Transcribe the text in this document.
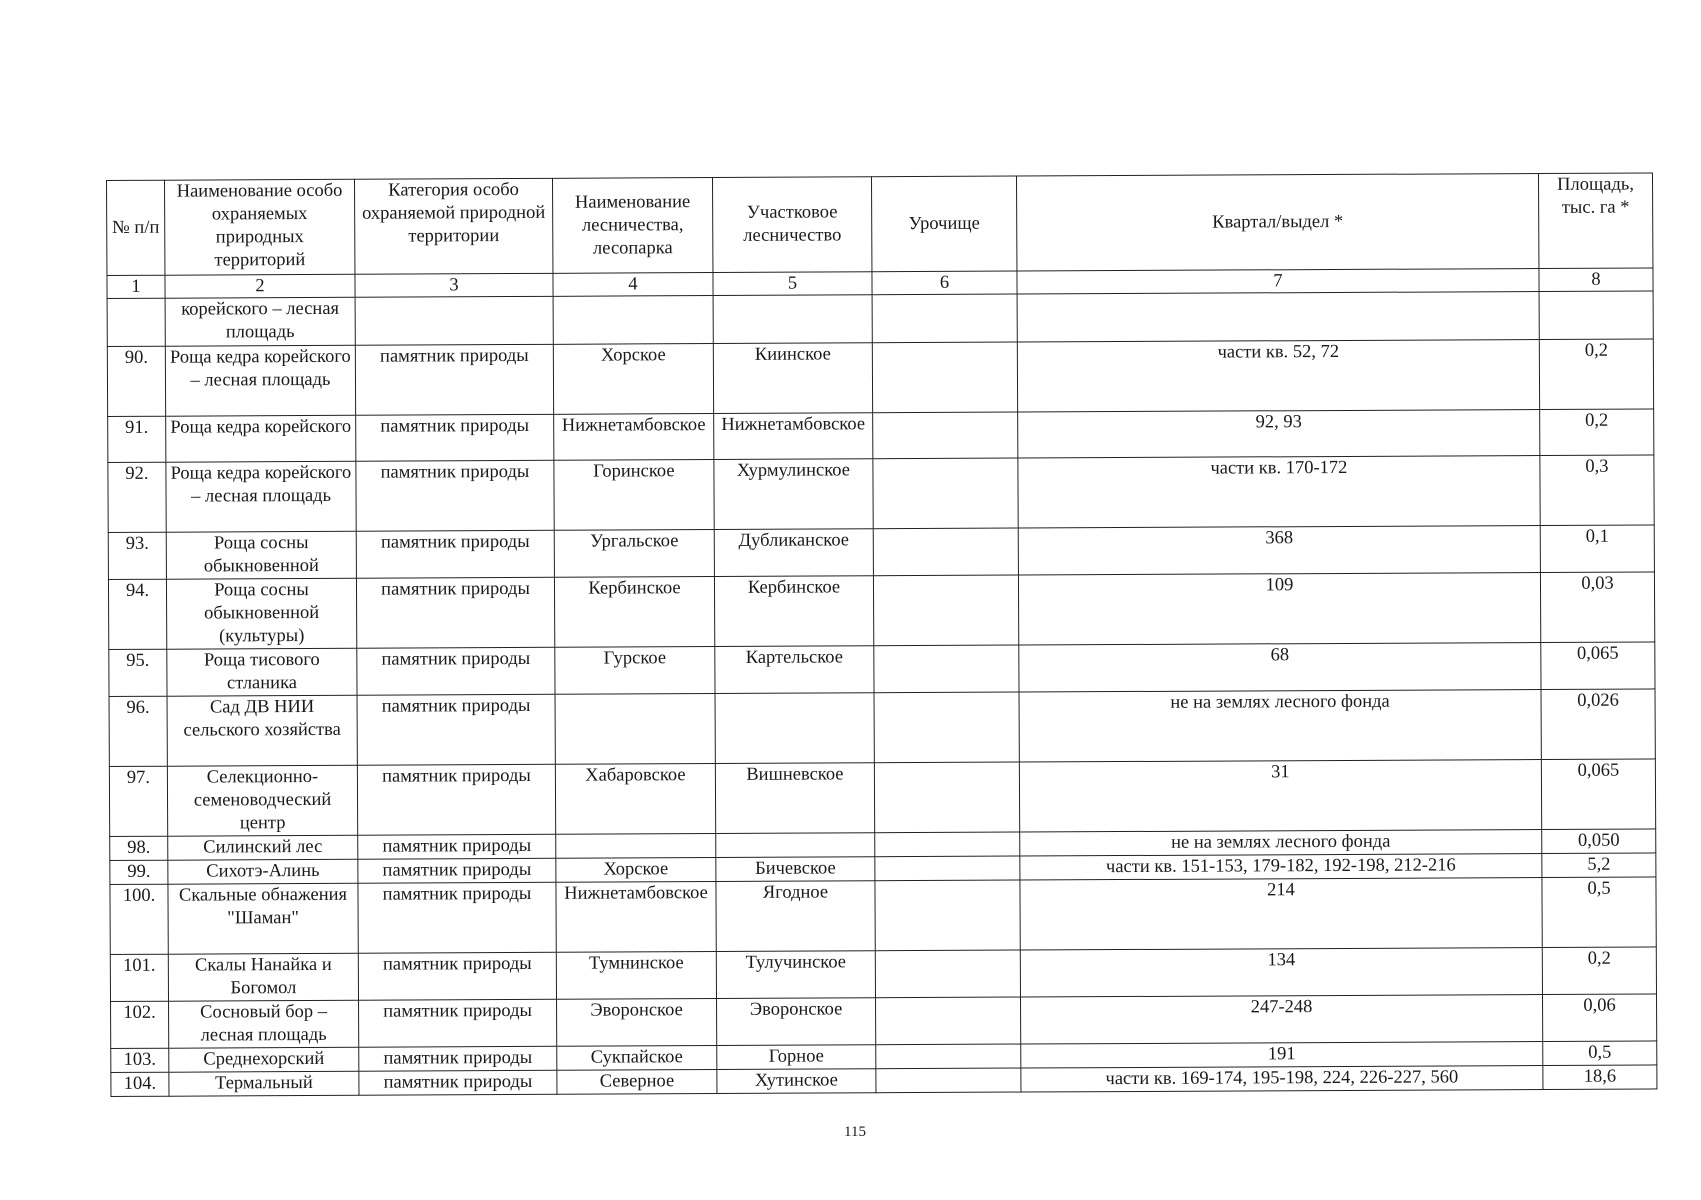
№ п/п	Наименование особо охраняемых природных территорий	Категория особо охраняемой природной территории	Наименование лесничества, лесопарка	Участковое лесничество	Урочище	Квартал/выдел *	Площадь, тыс. га *
1	2	3	4	5	6	7	8
	корейского – лесная площадь						
90.	Роща кедра корейского – лесная площадь	памятник природы	Хорское	Киинское		части кв. 52, 72	0,2
91.	Роща кедра корейского	памятник природы	Нижнетамбовское	Нижнетамбовское		92, 93	0,2
92.	Роща кедра корейского – лесная площадь	памятник природы	Горинское	Хурмулинское		части кв. 170-172	0,3
93.	Роща сосны обыкновенной	памятник природы	Ургальское	Дубликанское		368	0,1
94.	Роща сосны обыкновенной (культуры)	памятник природы	Кербинское	Кербинское		109	0,03
95.	Роща тисового стланика	памятник природы	Гурское	Картельское		68	0,065
96.	Сад ДВ НИИ сельского хозяйства	памятник природы				не на землях лесного фонда	0,026
97.	Селекционно-семеноводческий центр	памятник природы	Хабаровское	Вишневское		31	0,065
98.	Силинский лес	памятник природы				не на землях лесного фонда	0,050
99.	Сихотэ-Алинь	памятник природы	Хорское	Бичевское		части кв. 151-153, 179-182, 192-198, 212-216	5,2
100.	Скальные обнажения "Шаман"	памятник природы	Нижнетамбовское	Ягодное		214	0,5
101.	Скалы Нанайка и Богомол	памятник природы	Тумнинское	Тулучинское		134	0,2
102.	Сосновый бор – лесная площадь	памятник природы	Эворонское	Эворонское		247-248	0,06
103.	Среднехорский	памятник природы	Сукпайское	Горное		191	0,5
104.	Термальный	памятник природы	Северное	Хутинское		части кв. 169-174, 195-198, 224, 226-227, 560	18,6
115
